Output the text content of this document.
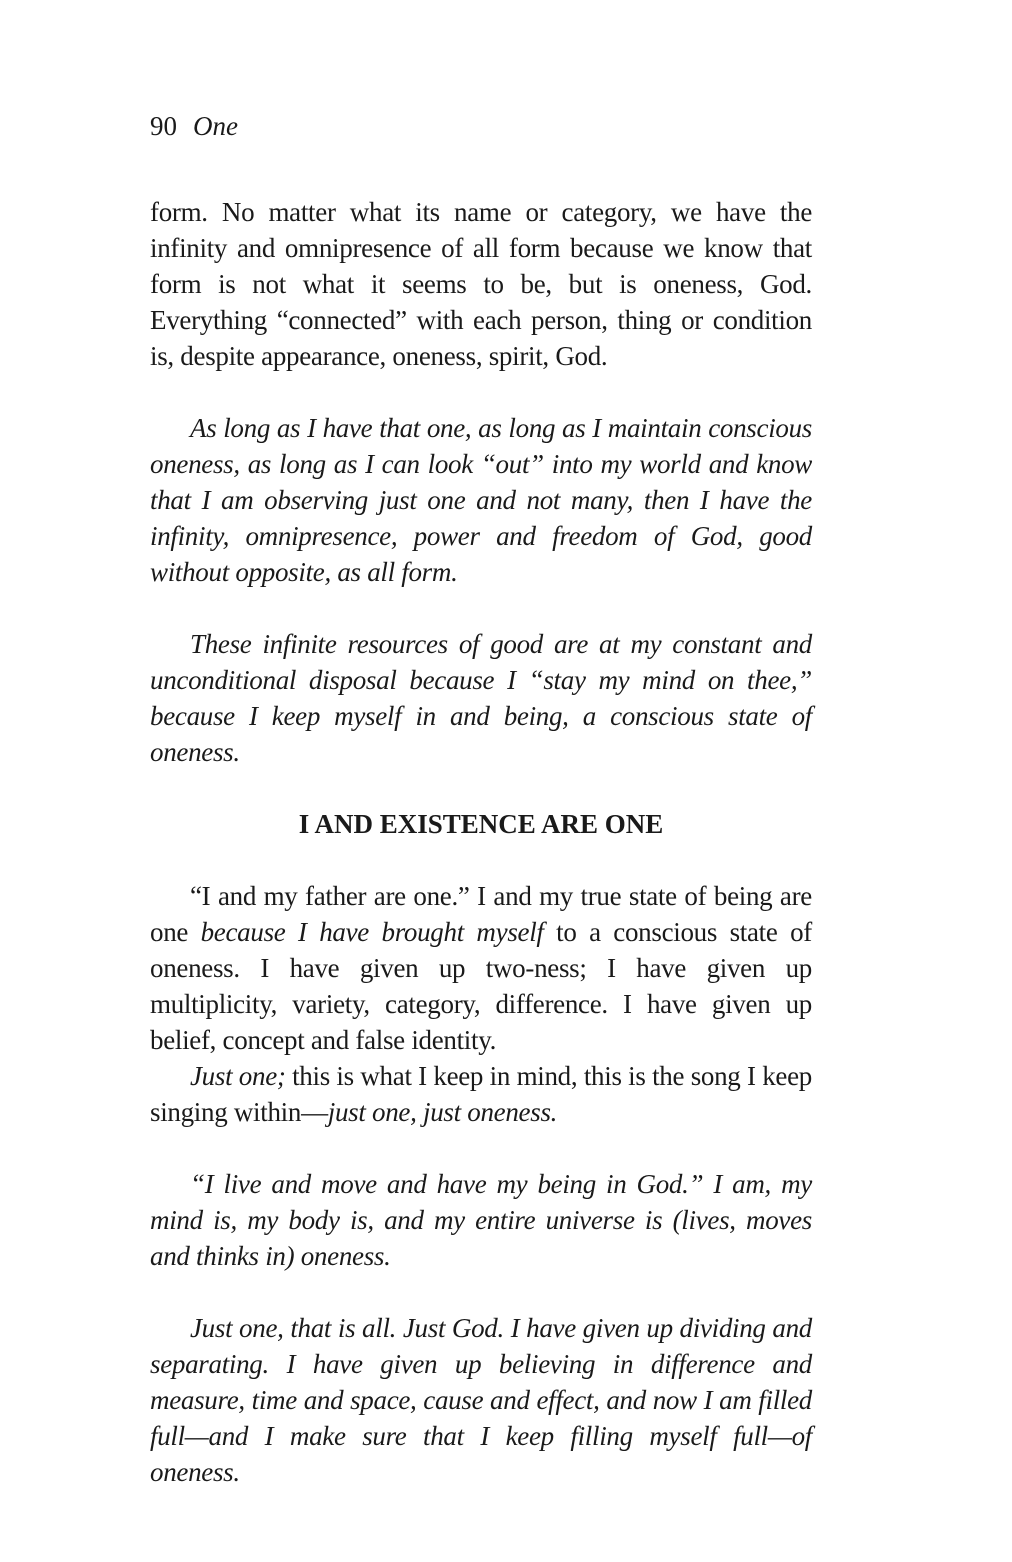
90 One

form. No matter what its name or category, we have the infinity and omnipresence of all form because we know that form is not what it seems to be, but is oneness, God. Everything “connected” with each person, thing or condition is, despite appearance, oneness, spirit, God.

As long as I have that one, as long as I maintain conscious oneness, as long as I can look “out” into my world and know that I am observing just one and not many, then I have the infinity, omnipresence, power and freedom of God, good without opposite, as all form.

These infinite resources of good are at my constant and unconditional disposal because I “stay my mind on thee,” because I keep myself in and being, a conscious state of oneness.

I AND EXISTENCE ARE ONE

“I and my father are one.” I and my true state of being are one because I have brought myself to a conscious state of oneness. I have given up two-ness; I have given up multiplicity, variety, category, difference. I have given up belief, concept and false identity.

Just one; this is what I keep in mind, this is the song I keep singing within—just one, just oneness.

“I live and move and have my being in God.” I am, my mind is, my body is, and my entire universe is (lives, moves and thinks in) oneness.

Just one, that is all. Just God. I have given up dividing and separating. I have given up believing in difference and measure, time and space, cause and effect, and now I am filled full—and I make sure that I keep filling myself full—of oneness.
